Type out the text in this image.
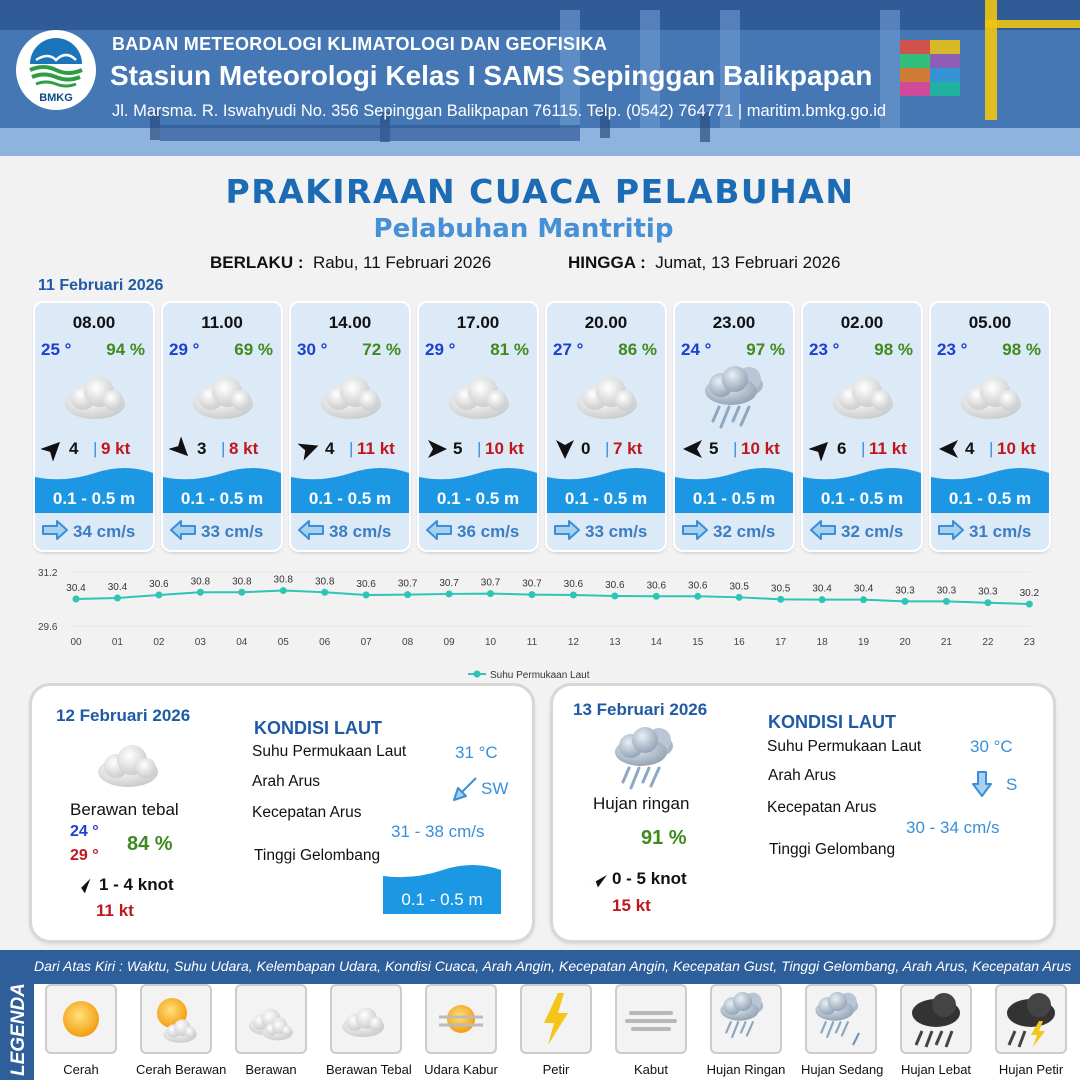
BMKG
BADAN METEOROLOGI KLIMATOLOGI DAN GEOFISIKA
Stasiun Meteorologi Kelas I SAMS Sepinggan Balikpapan
Jl. Marsma. R. Iswahyudi No. 356 Sepinggan Balikpapan 76115. Telp. (0542) 764771 | maritim.bmkg.go.id
PRAKIRAAN CUACA PELABUHAN
Pelabuhan Mantritip
BERLAKU : Rabu, 11 Februari 2026	HINGGA : Jumat, 13 Februari 2026
11 Februari 2026
08.00
25 ° 94 %
4 | 9 kt
0.1 - 0.5 m
34 cm/s
11.00
29 ° 69 %
3 | 8 kt
0.1 - 0.5 m
33 cm/s
14.00
30 ° 72 %
4 | 11 kt
0.1 - 0.5 m
38 cm/s
17.00
29 ° 81 %
5 | 10 kt
0.1 - 0.5 m
36 cm/s
20.00
27 ° 86 %
0 | 7 kt
0.1 - 0.5 m
33 cm/s
23.00
24 ° 97 %
5 | 10 kt
0.1 - 0.5 m
32 cm/s
02.00
23 ° 98 %
6 | 11 kt
0.1 - 0.5 m
32 cm/s
05.00
23 ° 98 %
4 | 10 kt
0.1 - 0.5 m
31 cm/s
31.2
29.6
30.4
00
30.4
01
30.6
02
30.8
03
30.8
04
30.8
05
30.8
06
30.6
07
30.7
08
30.7
09
30.7
10
30.7
11
30.6
12
30.6
13
30.6
14
30.6
15
30.5
16
30.5
17
30.4
18
30.4
19
30.3
20
30.3
21
30.3
22
30.2
23
Suhu Permukaan Laut
12 Februari 2026
Berawan tebal
24 °
29 °
84 %
1 - 4 knot
11 kt
KONDISI LAUT
Suhu Permukaan Laut	31 °C
Arah Arus	SW
Kecepatan Arus
31 - 38 cm/s
Tinggi Gelombang
0.1 - 0.5 m
13 Februari 2026
Hujan ringan
91 %
0 - 5 knot
15 kt
KONDISI LAUT
Suhu Permukaan Laut	30 °C
Arah Arus	S
Kecepatan Arus
30 - 34 cm/s
Tinggi Gelombang
LEGENDA
Dari Atas Kiri : Waktu, Suhu Udara, Kelembapan Udara, Kondisi Cuaca, Arah Angin, Kecepatan Angin, Kecepatan Gust, Tinggi Gelombang, Arah Arus, Kecepatan Arus
Cerah	Cerah Berawan	Berawan	Berawan Tebal Udara Kabur	Petir	Kabut	Hujan Ringan Hujan Sedang	Hujan Lebat	Hujan Petir
